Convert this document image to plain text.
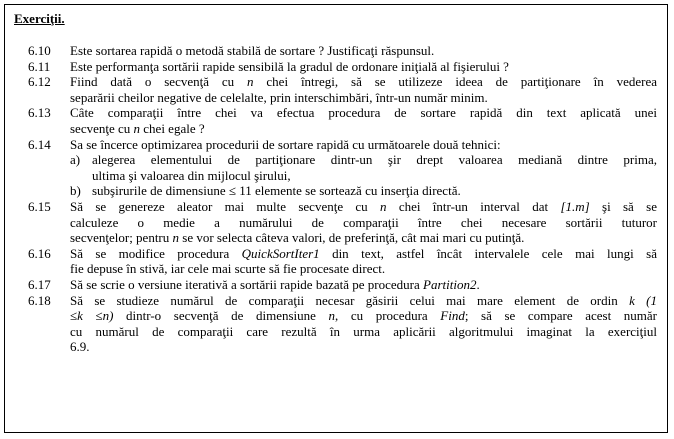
Exerciţii.
6.10	Este sortarea rapidă o metodă stabilă de sortare ? Justificaţi răspunsul.
6.11	Este performanţa sortării rapide sensibilă la gradul de ordonare iniţială al fişierului ?
6.12	Fiind dată o secvenţă cu n chei întregi, să se utilizeze ideea de partiţionare în vederea
separării cheilor negative de celelalte, prin interschimbări, într-un număr minim.
6.13	Câte comparaţii între chei va efectua procedura de sortare rapidă din text aplicată unei
secvenţe cu n chei egale ?
6.14	Sa se încerce optimizarea procedurii de sortare rapidă cu următoarele două tehnici:
a) alegerea elementului de partiţionare dintr-un şir drept valoarea mediană dintre prima,
ultima şi valoarea din mijlocul şirului,
b) subşirurile de dimensiune ≤ 11 elemente se sortează cu inserţia directă.
6.15	Să se genereze aleator mai multe secvenţe cu n chei într-un interval dat [1.m] şi să se
calculeze o medie a numărului de comparaţii între chei necesare sortării tuturor
secvenţelor; pentru n se vor selecta câteva valori, de preferinţă, cât mai mari cu putinţă.
6.16	Să se modifice procedura QuickSortIter1 din text, astfel încât intervalele cele mai lungi să
fie depuse în stivă, iar cele mai scurte să fie procesate direct.
6.17	Să se scrie o versiune iterativă a sortării rapide bazată pe procedura Partition2.
6.18	Să se studieze numărul de comparaţii necesar găsirii celui mai mare element de ordin k (1
≤k ≤n) dintr-o secvenţă de dimensiune n, cu procedura Find; să se compare acest număr
cu numărul de comparaţii care rezultă în urma aplicării algoritmului imaginat la exerciţiul
6.9.
